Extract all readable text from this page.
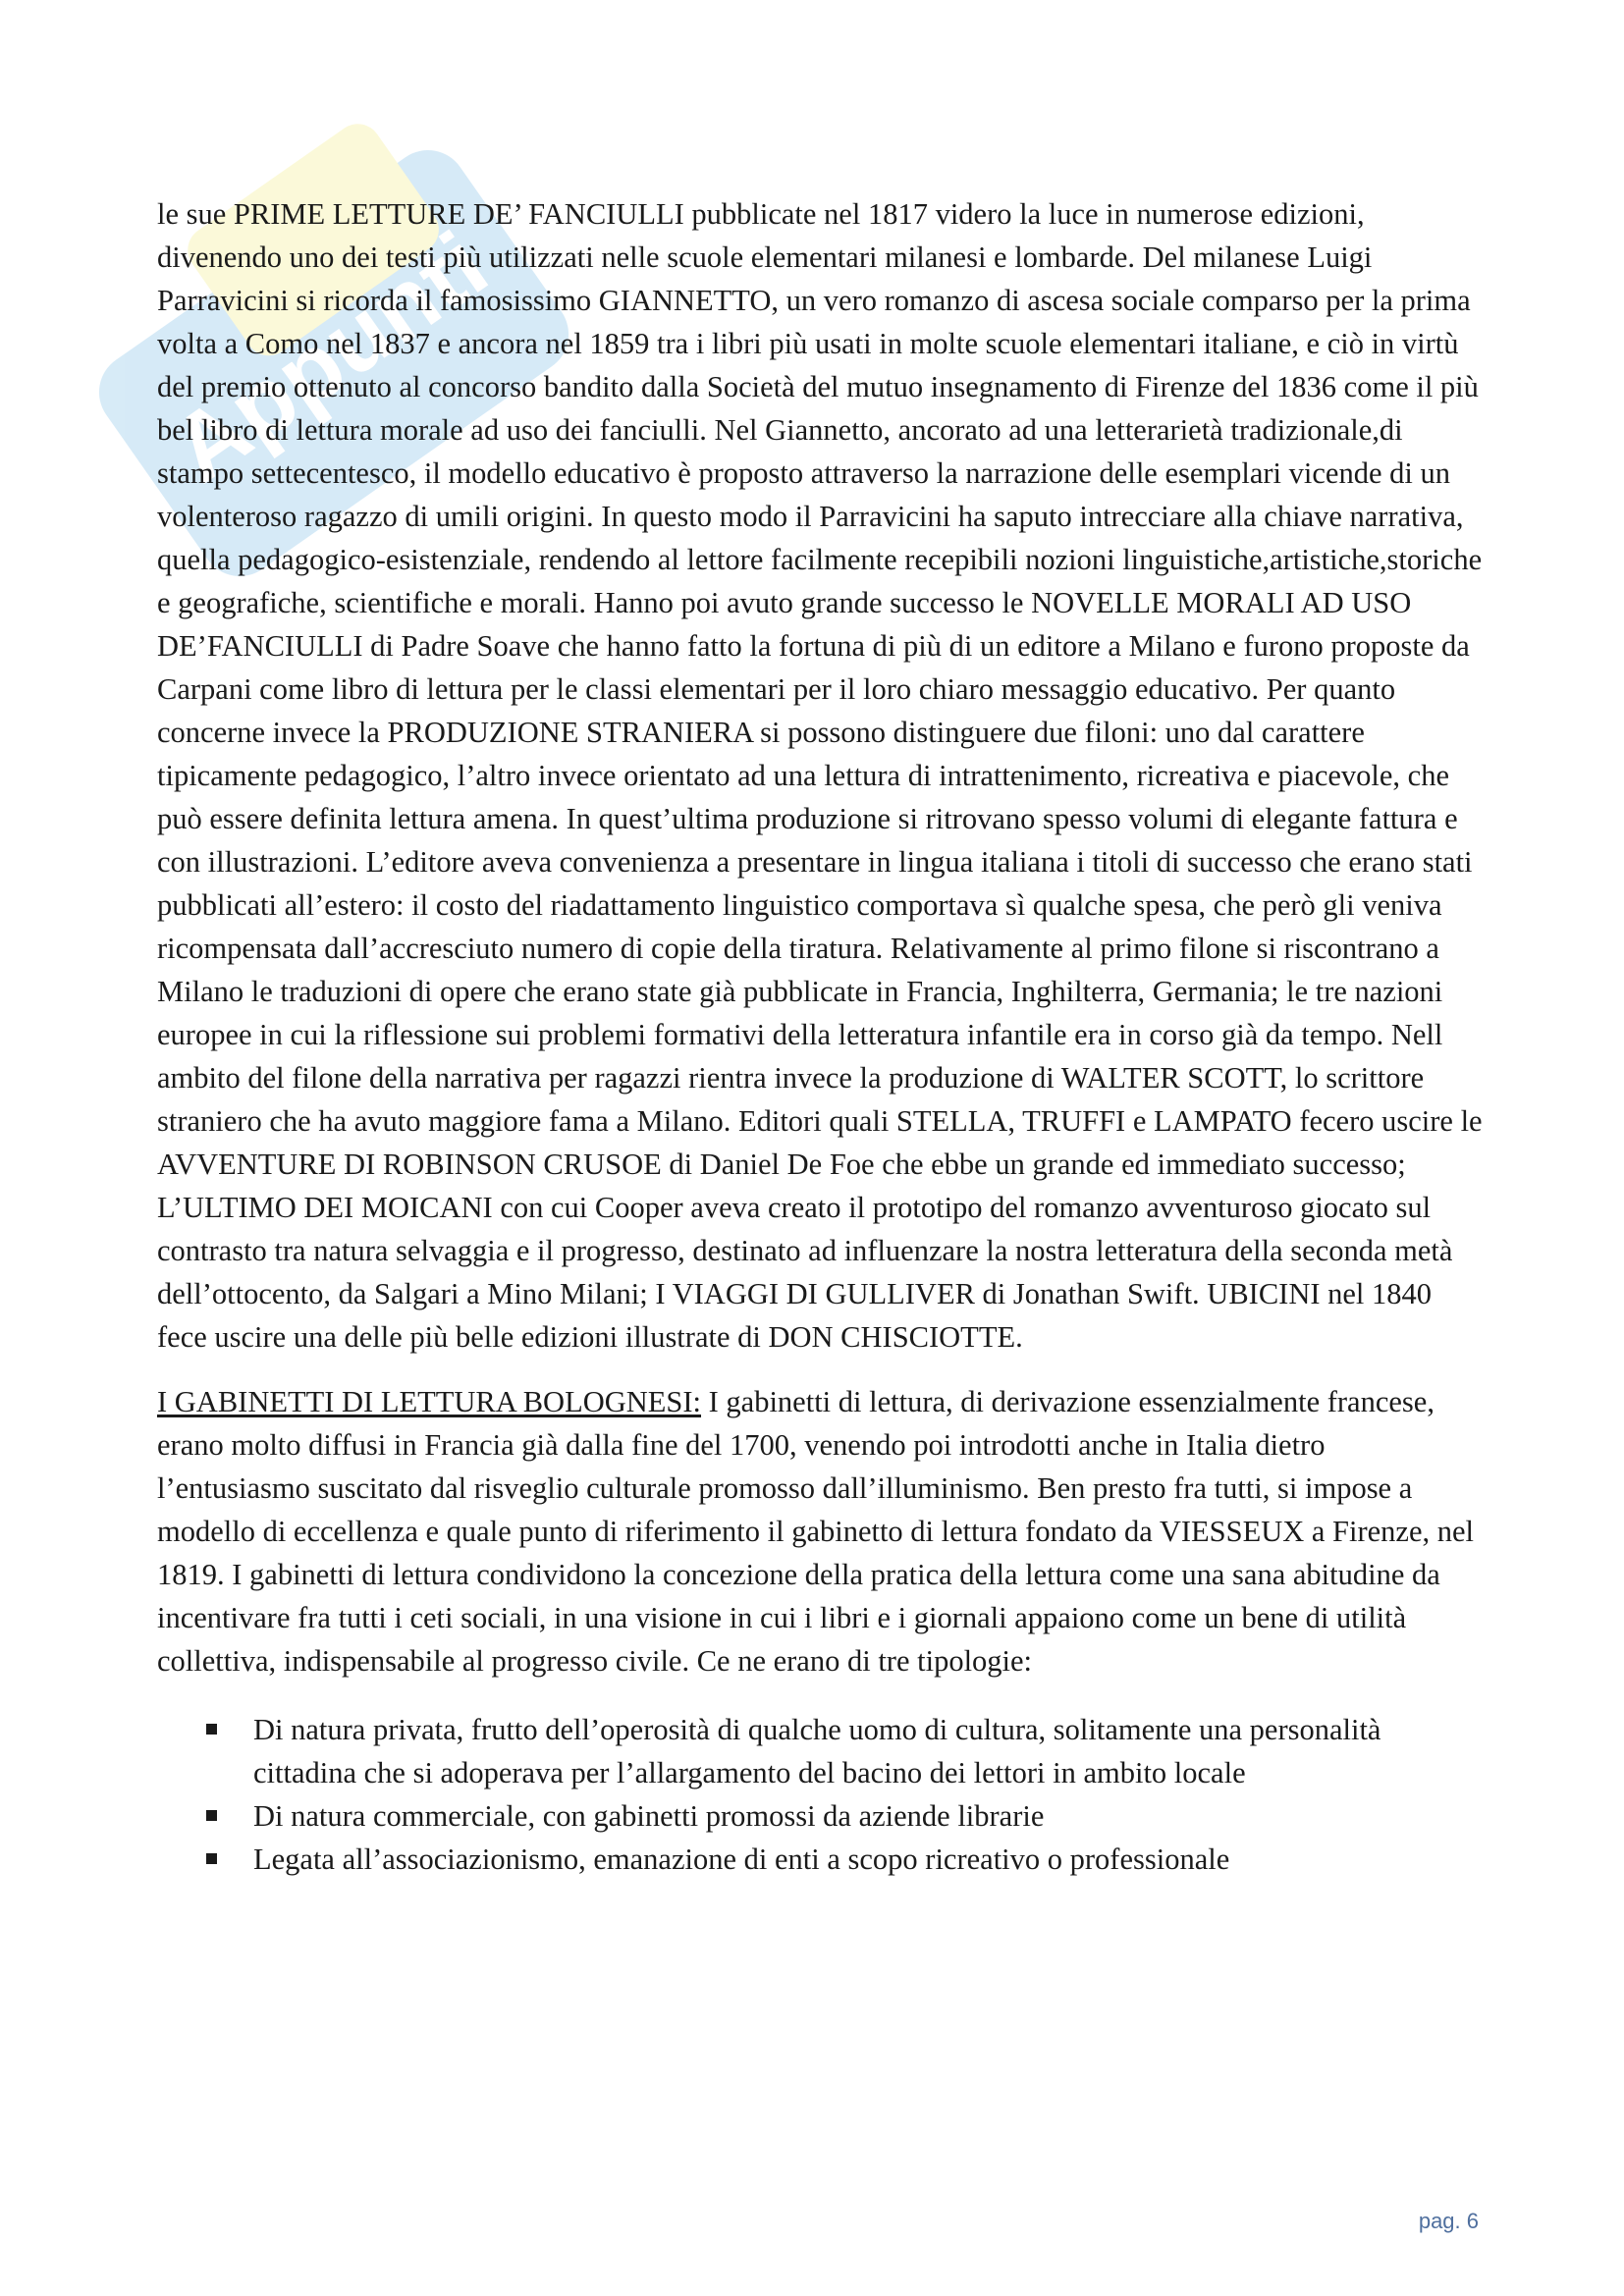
Appunti

le sue PRIME LETTURE DE’ FANCIULLI pubblicate nel 1817 videro la luce in numerose edizioni, divenendo uno dei testi più utilizzati nelle scuole elementari milanesi e lombarde. Del milanese Luigi Parravicini si ricorda il famosissimo GIANNETTO, un vero romanzo di ascesa sociale comparso per la prima volta a Como nel 1837 e ancora nel 1859 tra i libri più usati in molte scuole elementari italiane, e ciò in virtù del premio ottenuto al concorso bandito dalla Società del mutuo insegnamento di Firenze del 1836 come il più bel libro di lettura morale ad uso dei fanciulli. Nel Giannetto, ancorato ad una letterarietà tradizionale,di stampo settecentesco, il modello educativo è proposto attraverso la narrazione delle esemplari vicende di un volenteroso ragazzo di umili origini. In questo modo il Parravicini ha saputo intrecciare alla chiave narrativa, quella pedagogico-esistenziale, rendendo al lettore facilmente recepibili nozioni linguistiche,artistiche,storiche e geografiche, scientifiche e morali. Hanno poi avuto grande successo le NOVELLE MORALI AD USO DE’FANCIULLI di Padre Soave che hanno fatto la fortuna di più di un editore a Milano e furono proposte da Carpani come libro di lettura per le classi elementari per il loro chiaro messaggio educativo. Per quanto concerne invece la PRODUZIONE STRANIERA si possono distinguere due filoni: uno dal carattere tipicamente pedagogico, l’altro invece orientato ad una lettura di intrattenimento, ricreativa e piacevole, che può essere definita lettura amena. In quest’ultima produzione si ritrovano spesso volumi di elegante fattura e con illustrazioni. L’editore aveva convenienza a presentare in lingua italiana i titoli di successo che erano stati pubblicati all’estero: il costo del riadattamento linguistico comportava sì qualche spesa, che però gli veniva ricompensata dall’accresciuto numero di copie della tiratura. Relativamente al primo filone si riscontrano a Milano le traduzioni di opere che erano state già pubblicate in Francia, Inghilterra, Germania; le tre nazioni europee in cui la riflessione sui problemi formativi della letteratura infantile era in corso già da tempo. Nell ambito del filone della narrativa per ragazzi rientra invece la produzione di WALTER SCOTT, lo scrittore straniero che ha avuto maggiore fama a Milano. Editori quali STELLA, TRUFFI e LAMPATO fecero uscire le AVVENTURE DI ROBINSON CRUSOE di Daniel De Foe che ebbe un grande ed immediato successo; L’ULTIMO DEI MOICANI con cui Cooper aveva creato il prototipo del romanzo avventuroso giocato sul contrasto tra natura selvaggia e il progresso, destinato ad influenzare la nostra letteratura della seconda metà dell’ottocento, da Salgari a Mino Milani; I VIAGGI DI GULLIVER di Jonathan Swift. UBICINI nel 1840 fece uscire una delle più belle edizioni illustrate di DON CHISCIOTTE.

I GABINETTI DI LETTURA BOLOGNESI: I gabinetti di lettura, di derivazione essenzialmente francese, erano molto diffusi in Francia già dalla fine del 1700, venendo poi introdotti anche in Italia dietro l’entusiasmo suscitato dal risveglio culturale promosso dall’illuminismo. Ben presto fra tutti, si impose a modello di eccellenza e quale punto di riferimento il gabinetto di lettura fondato da VIESSEUX a Firenze, nel 1819. I gabinetti di lettura condividono la concezione della pratica della lettura come una sana abitudine da incentivare fra tutti i ceti sociali, in una visione in cui i libri e i giornali appaiono come un bene di utilità collettiva, indispensabile al progresso civile. Ce ne erano di tre tipologie:

Di natura privata, frutto dell’operosità di qualche uomo di cultura, solitamente una personalità cittadina che si adoperava per l’allargamento del bacino dei lettori in ambito locale
Di natura commerciale, con gabinetti promossi da aziende librarie
Legata all’associazionismo, emanazione di enti a scopo ricreativo o professionale
pag. 6
